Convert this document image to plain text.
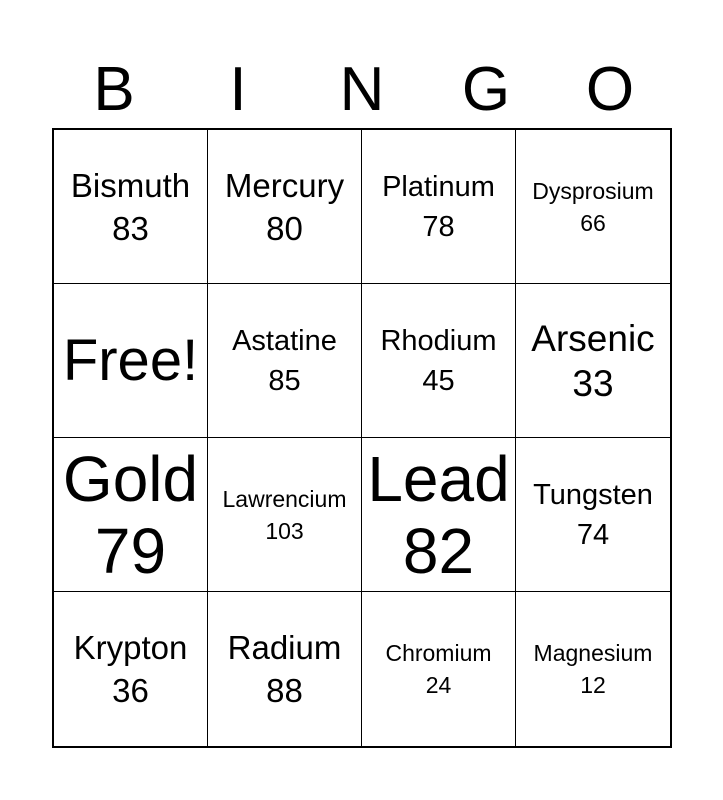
B	I	N	G	O
Bismuth
83
Mercury
80
Platinum
78
Dysprosium
66
Free! Astatine
85
Rhodium
45
Arsenic
33
Gold
79
Lawrencium
103
Lead
82
Tungsten
74
Krypton
36
Radium
88
Chromium
24
Magnesium
12
